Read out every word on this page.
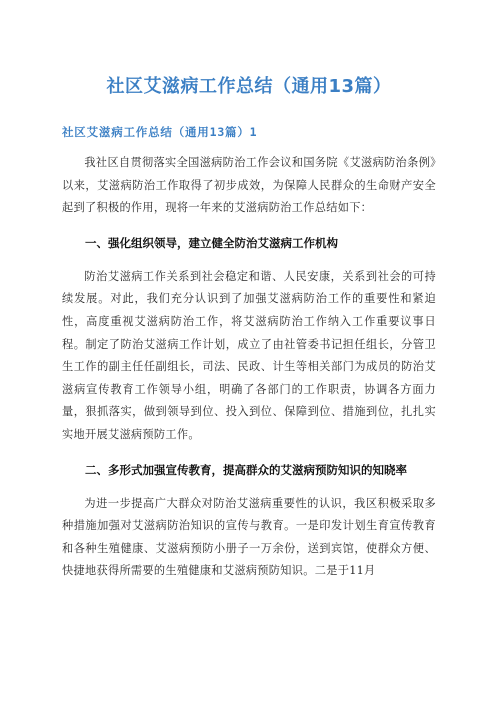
社区艾滋病工作总结（通用13篇）
社区艾滋病工作总结（通用13篇）1

我社区自贯彻落实全国滋病防治工作会议和国务院《艾滋病防治条例》以来，艾滋病防治工作取得了初步成效，为保障人民群众的生命财产安全起到了积极的作用，现将一年来的艾滋病防治工作总结如下：

一、强化组织领导，建立健全防治艾滋病工作机构

防治艾滋病工作关系到社会稳定和谐、人民安康，关系到社会的可持续发展。对此，我们充分认识到了加强艾滋病防治工作的重要性和紧迫性，高度重视艾滋病防治工作，将艾滋病防治工作纳入工作重要议事日程。制定了防治艾滋病工作计划，成立了由社管委书记担任组长，分管卫生工作的副主任任副组长，司法、民政、计生等相关部门为成员的防治艾滋病宣传教育工作领导小组，明确了各部门的工作职责，协调各方面力量，狠抓落实，做到领导到位、投入到位、保障到位、措施到位，扎扎实实地开展艾滋病预防工作。

二、多形式加强宣传教育，提高群众的艾滋病预防知识的知晓率

为进一步提高广大群众对防治艾滋病重要性的认识，我区积极采取多种措施加强对艾滋病防治知识的宣传与教育。一是印发计划生育宣传教育和各种生殖健康、艾滋病预防小册子一万余份，送到宾馆，使群众方便、快捷地获得所需要的生殖健康和艾滋病预防知识。二是于11月
